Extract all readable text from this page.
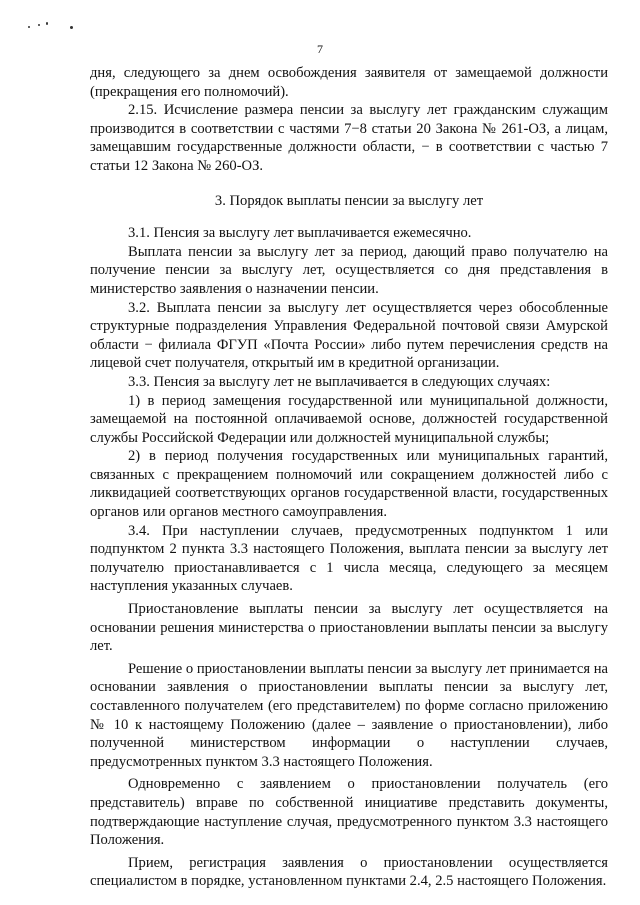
7

дня, следующего за днем освобождения заявителя от замещаемой должности (прекращения его полномочий).

2.15. Исчисление размера пенсии за выслугу лет гражданским служащим производится в соответствии с частями 7−8 статьи 20 Закона № 261-ОЗ, а лицам, замещавшим государственные должности области, − в соответствии с частью 7 статьи 12 Закона № 260-ОЗ.

3. Порядок выплаты пенсии за выслугу лет

3.1. Пенсия за выслугу лет выплачивается ежемесячно.

Выплата пенсии за выслугу лет за период, дающий право получателю на получение пенсии за выслугу лет, осуществляется со дня представления в министерство заявления о назначении пенсии.

3.2. Выплата пенсии за выслугу лет осуществляется через обособленные структурные подразделения Управления Федеральной почтовой связи Амурской области − филиала ФГУП «Почта России» либо путем перечисления средств на лицевой счет получателя, открытый им в кредитной организации.

3.3. Пенсия за выслугу лет не выплачивается в следующих случаях:

1) в период замещения государственной или муниципальной должности, замещаемой на постоянной оплачиваемой основе, должностей государственной службы Российской Федерации или должностей муниципальной службы;

2) в период получения государственных или муниципальных гарантий, связанных с прекращением полномочий или сокращением должностей либо с ликвидацией соответствующих органов государственной власти, государственных органов или органов местного самоуправления.

3.4. При наступлении случаев, предусмотренных подпунктом 1 или подпунктом 2 пункта 3.3 настоящего Положения, выплата пенсии за выслугу лет получателю приостанавливается с 1 числа месяца, следующего за месяцем наступления указанных случаев.

Приостановление выплаты пенсии за выслугу лет осуществляется на основании решения министерства о приостановлении выплаты пенсии за выслугу лет.

Решение о приостановлении выплаты пенсии за выслугу лет принимается на основании заявления о приостановлении выплаты пенсии за выслугу лет, составленного получателем (его представителем) по форме согласно приложению № 10 к настоящему Положению (далее – заявление о приостановлении), либо полученной министерством информации о наступлении случаев, предусмотренных пунктом 3.3 настоящего Положения.

Одновременно с заявлением о приостановлении получатель (его представитель) вправе по собственной инициативе представить документы, подтверждающие наступление случая, предусмотренного пунктом 3.3 настоящего Положения.

Прием, регистрация заявления о приостановлении осуществляется специалистом в порядке, установленном пунктами 2.4, 2.5 настоящего Положения.
